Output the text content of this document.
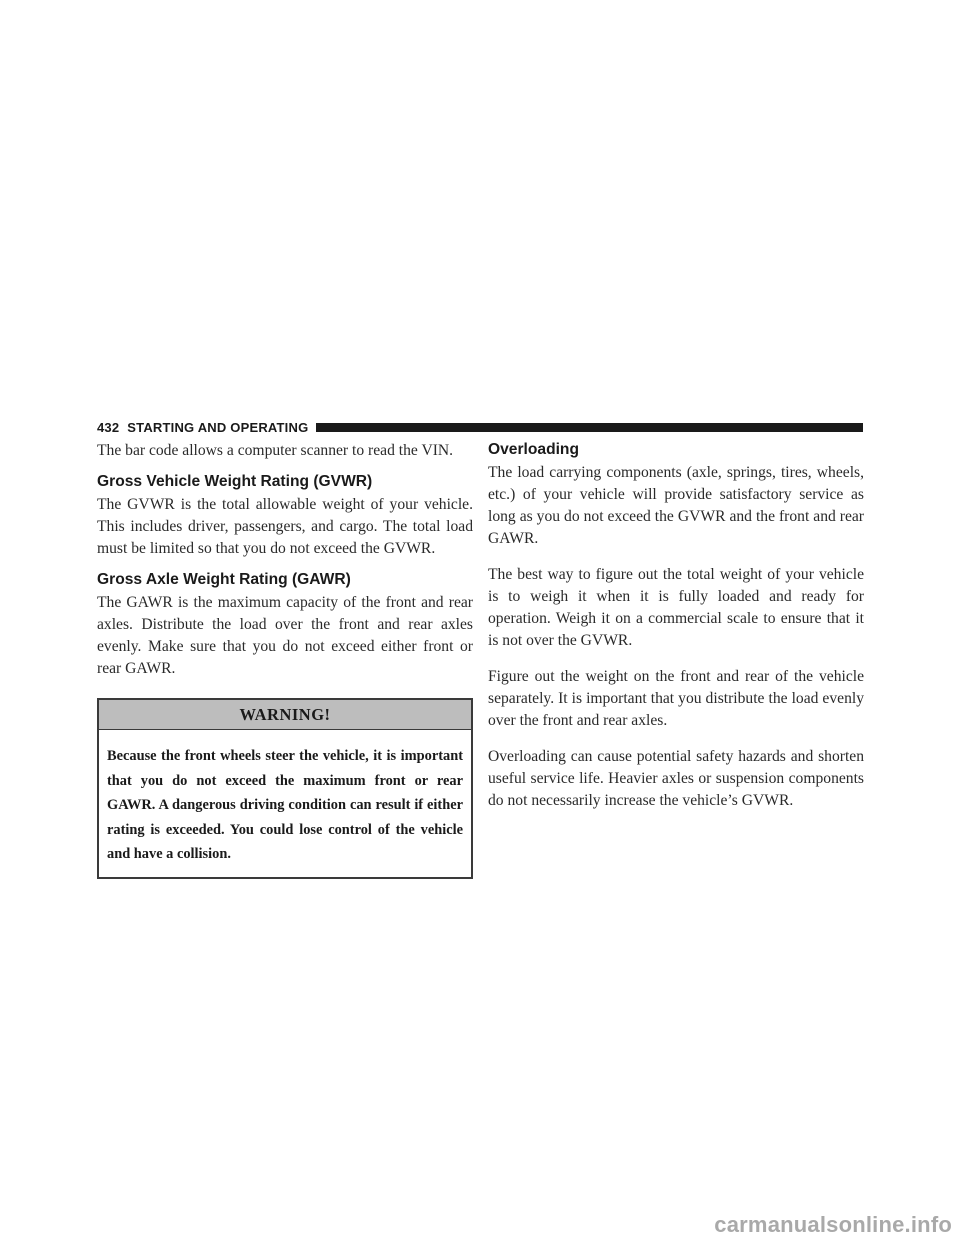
432 STARTING AND OPERATING

The bar code allows a computer scanner to read the VIN.

Gross Vehicle Weight Rating (GVWR)

The GVWR is the total allowable weight of your vehicle. This includes driver, passengers, and cargo. The total load must be limited so that you do not exceed the GVWR.

Gross Axle Weight Rating (GAWR)

The GAWR is the maximum capacity of the front and rear axles. Distribute the load over the front and rear axles evenly. Make sure that you do not exceed either front or rear GAWR.

WARNING!
Because the front wheels steer the vehicle, it is important that you do not exceed the maximum front or rear GAWR. A dangerous driving condition can result if either rating is exceeded. You could lose control of the vehicle and have a collision.
Overloading

The load carrying components (axle, springs, tires, wheels, etc.) of your vehicle will provide satisfactory service as long as you do not exceed the GVWR and the front and rear GAWR.

The best way to figure out the total weight of your vehicle is to weigh it when it is fully loaded and ready for operation. Weigh it on a commercial scale to ensure that it is not over the GVWR.

Figure out the weight on the front and rear of the vehicle separately. It is important that you distribute the load evenly over the front and rear axles.

Overloading can cause potential safety hazards and shorten useful service life. Heavier axles or suspension components do not necessarily increase the vehicle’s GVWR.

carmanualsonline.info
